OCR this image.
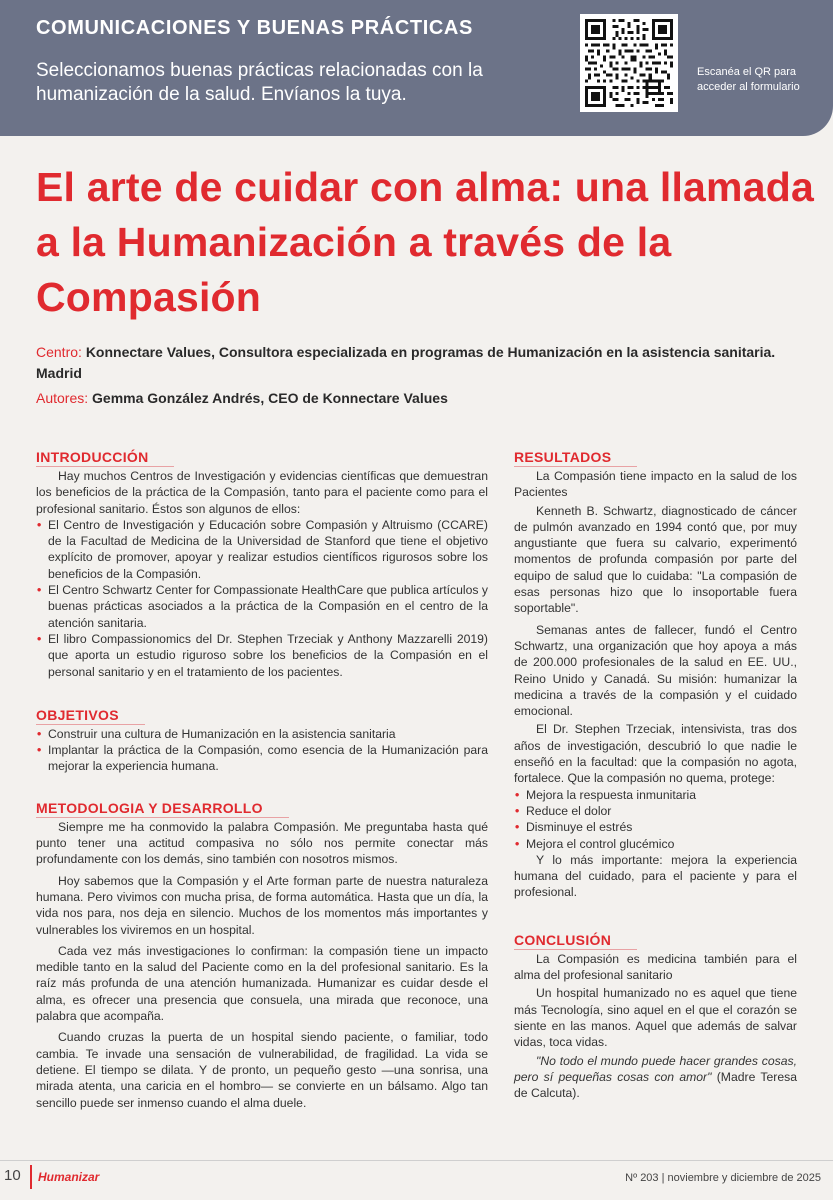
COMUNICACIONES Y BUENAS PRÁCTICAS
Seleccionamos buenas prácticas relacionadas con la humanización de la salud. Envíanos la tuya.
Escanéa el QR para acceder al formulario
El arte de cuidar con alma: una llamada a la Humanización a través de la Compasión
Centro: Konnectare Values, Consultora especializada en programas de Humanización en la asistencia sanitaria. Madrid
Autores: Gemma González Andrés, CEO de Konnectare Values
INTRODUCCIÓN

Hay muchos Centros de Investigación y evidencias científicas que demuestran los beneficios de la práctica de la Compasión, tanto para el paciente como para el profesional sanitario. Éstos son algunos de ellos:

• El Centro de Investigación y Educación sobre Compasión y Altruismo (CCARE) de la Facultad de Medicina de la Universidad de Stanford que tiene el objetivo explícito de promover, apoyar y realizar estudios científicos rigurosos sobre los beneficios de la Compasión.
• El Centro Schwartz Center for Compassionate HealthCare que publica artículos y buenas prácticas asociados a la práctica de la Compasión en el centro de la atención sanitaria.
• El libro Compassionomics del Dr. Stephen Trzeciak y Anthony Mazzarelli 2019) que aporta un estudio riguroso sobre los beneficios de la Compasión en el personal sanitario y en el tratamiento de los pacientes.
OBJETIVOS
• Construir una cultura de Humanización en la asistencia sanitaria
• Implantar la práctica de la Compasión, como esencia de la Humanización para mejorar la experiencia humana.
METODOLOGIA Y DESARROLLO

Siempre me ha conmovido la palabra Compasión. Me preguntaba hasta qué punto tener una actitud compasiva no sólo nos permite conectar más profundamente con los demás, sino también con nosotros mismos.

Hoy sabemos que la Compasión y el Arte forman parte de nuestra naturaleza humana. Pero vivimos con mucha prisa, de forma automática. Hasta que un día, la vida nos para, nos deja en silencio. Muchos de los momentos más importantes y vulnerables los viviremos en un hospital.

Cada vez más investigaciones lo confirman: la compasión tiene un impacto medible tanto en la salud del Paciente como en la del profesional sanitario. Es la raíz más profunda de una atención humanizada. Humanizar es cuidar desde el alma, es ofrecer una presencia que consuela, una mirada que reconoce, una palabra que acompaña.

Cuando cruzas la puerta de un hospital siendo paciente, o familiar, todo cambia. Te invade una sensación de vulnerabilidad, de fragilidad. La vida se detiene. El tiempo se dilata. Y de pronto, un pequeño gesto —una sonrisa, una mirada atenta, una caricia en el hombro— se convierte en un bálsamo. Algo tan sencillo puede ser inmenso cuando el alma duele.

RESULTADOS

La Compasión tiene impacto en la salud de los Pacientes

Kenneth B. Schwartz, diagnosticado de cáncer de pulmón avanzado en 1994 contó que, por muy angustiante que fuera su calvario, experimentó momentos de profunda compasión por parte del equipo de salud que lo cuidaba: "La compasión de esas personas hizo que lo insoportable fuera soportable".

Semanas antes de fallecer, fundó el Centro Schwartz, una organización que hoy apoya a más de 200.000 profesionales de la salud en EE. UU., Reino Unido y Canadá. Su misión: humanizar la medicina a través de la compasión y el cuidado emocional.

El Dr. Stephen Trzeciak, intensivista, tras dos años de investigación, descubrió lo que nadie le enseñó en la facultad: que la compasión no agota, fortalece. Que la compasión no quema, protege:

• Mejora la respuesta inmunitaria
• Reduce el dolor
• Disminuye el estrés
• Mejora el control glucémico

Y lo más importante: mejora la experiencia humana del cuidado, para el paciente y para el profesional.

CONCLUSIÓN

La Compasión es medicina también para el alma del profesional sanitario

Un hospital humanizado no es aquel que tiene más Tecnología, sino aquel en el que el corazón se siente en las manos. Aquel que además de salvar vidas, toca vidas.

"No todo el mundo puede hacer grandes cosas, pero sí pequeñas cosas con amor" (Madre Teresa de Calcuta).

10 Humanizar	Nº 203 | noviembre y diciembre de 2025
